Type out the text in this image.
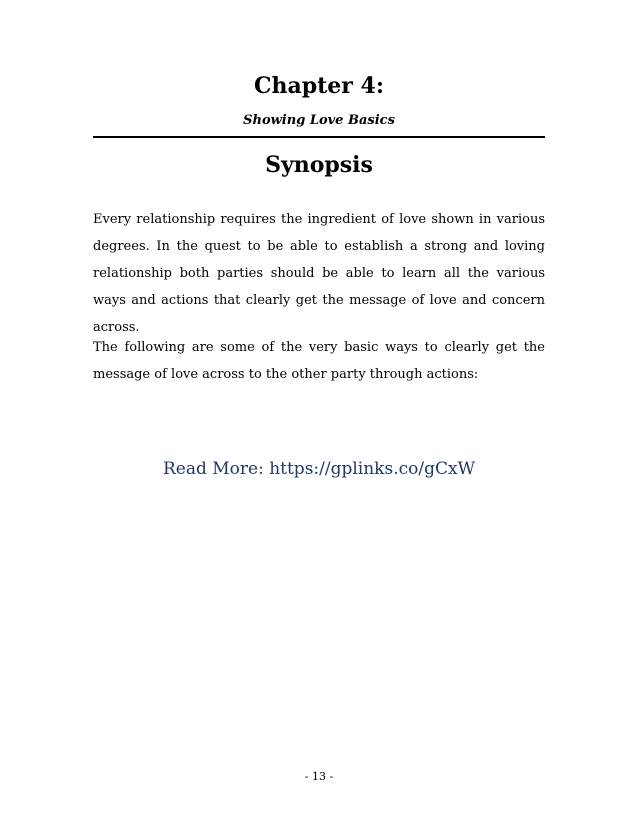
Chapter 4:
Showing Love Basics
Synopsis

Every relationship requires the ingredient of love shown in various degrees. In the quest to be able to establish a strong and loving relationship both parties should be able to learn all the various ways and actions that clearly get the message of love and concern across.

The following are some of the very basic ways to clearly get the message of love across to the other party through actions:

Read More: https://gplinks.co/gCxW
- 13 -
